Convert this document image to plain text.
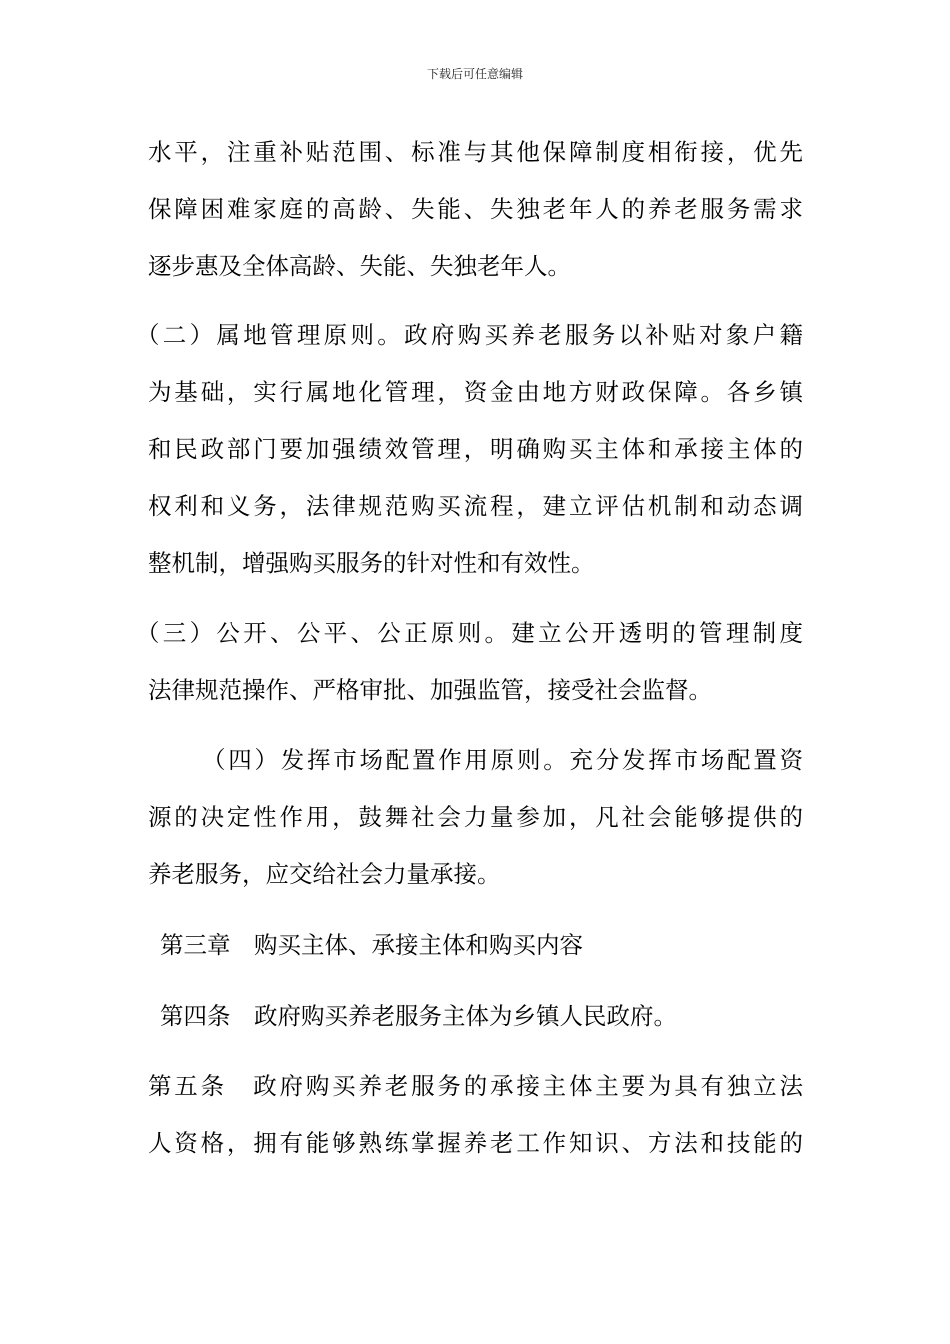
下载后可任意编辑
水平，注重补贴范围、标准与其他保障制度相衔接，优先
保障困难家庭的高龄、失能、失独老年人的养老服务需求
逐步惠及全体高龄、失能、失独老年人。
（二）属地管理原则。政府购买养老服务以补贴对象户籍
为基础，实行属地化管理，资金由地方财政保障。各乡镇
和民政部门要加强绩效管理，明确购买主体和承接主体的
权利和义务，法律规范购买流程，建立评估机制和动态调
整机制，增强购买服务的针对性和有效性。
（三）公开、公平、公正原则。建立公开透明的管理制度
法律规范操作、严格审批、加强监管，接受社会监督。
（四）发挥市场配置作用原则。充分发挥市场配置资
源的决定性作用，鼓舞社会力量参加，凡社会能够提供的
养老服务，应交给社会力量承接。
第三章　购买主体、承接主体和购买内容
第四条　政府购买养老服务主体为乡镇人民政府。
第五条　政府购买养老服务的承接主体主要为具有独立法
人资格，拥有能够熟练掌握养老工作知识、方法和技能的
